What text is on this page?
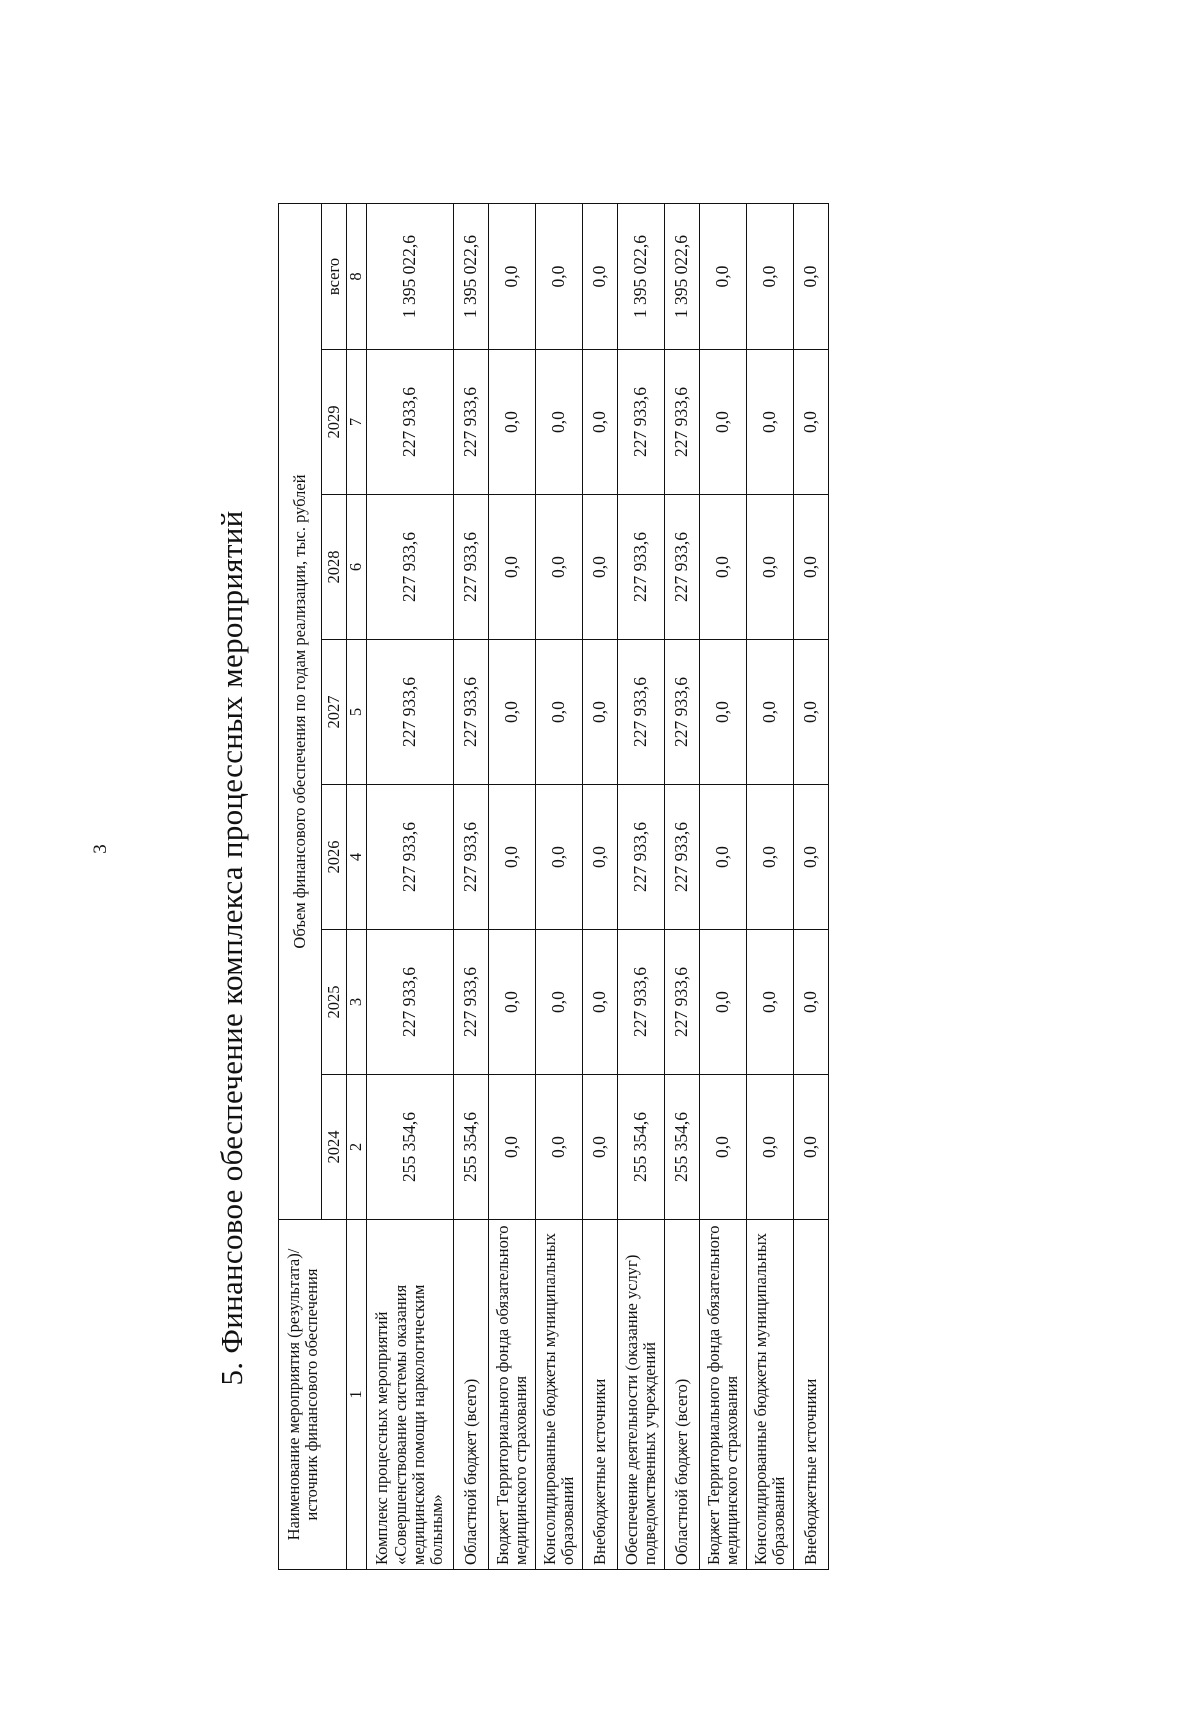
3	5. Финансовое обеспечение комплекса процессных мероприятий
Наименование мероприятия (результата)/источник финансового обеспечения	Объем финансового обеспечения по годам реализации, тыс. рублей						
	2024	2025	2026	2027	2028	2029	всего
1	2	3	4	5	6	7	8
Комплекс процессных мероприятий «Совершенствование системы оказания медицинской помощи наркологическим больным»	255 354,6	227 933,6	227 933,6	227 933,6	227 933,6	227 933,6	1 395 022,6
Областной бюджет (всего)	255 354,6	227 933,6	227 933,6	227 933,6	227 933,6	227 933,6	1 395 022,6
Бюджет Территориального фонда обязательного медицинского страхования	0,0	0,0	0,0	0,0	0,0	0,0	0,0
Консолидированные бюджеты муниципальных образований	0,0	0,0	0,0	0,0	0,0	0,0	0,0
Внебюджетные источники	0,0	0,0	0,0	0,0	0,0	0,0	0,0
Обеспечение деятельности (оказание услуг) подведомственных учреждений	255 354,6	227 933,6	227 933,6	227 933,6	227 933,6	227 933,6	1 395 022,6
Областной бюджет (всего)	255 354,6	227 933,6	227 933,6	227 933,6	227 933,6	227 933,6	1 395 022,6
Бюджет Территориального фонда обязательного медицинского страхования	0,0	0,0	0,0	0,0	0,0	0,0	0,0
Консолидированные бюджеты муниципальных образований	0,0	0,0	0,0	0,0	0,0	0,0	0,0
Внебюджетные источники	0,0	0,0	0,0	0,0	0,0	0,0	0,0
